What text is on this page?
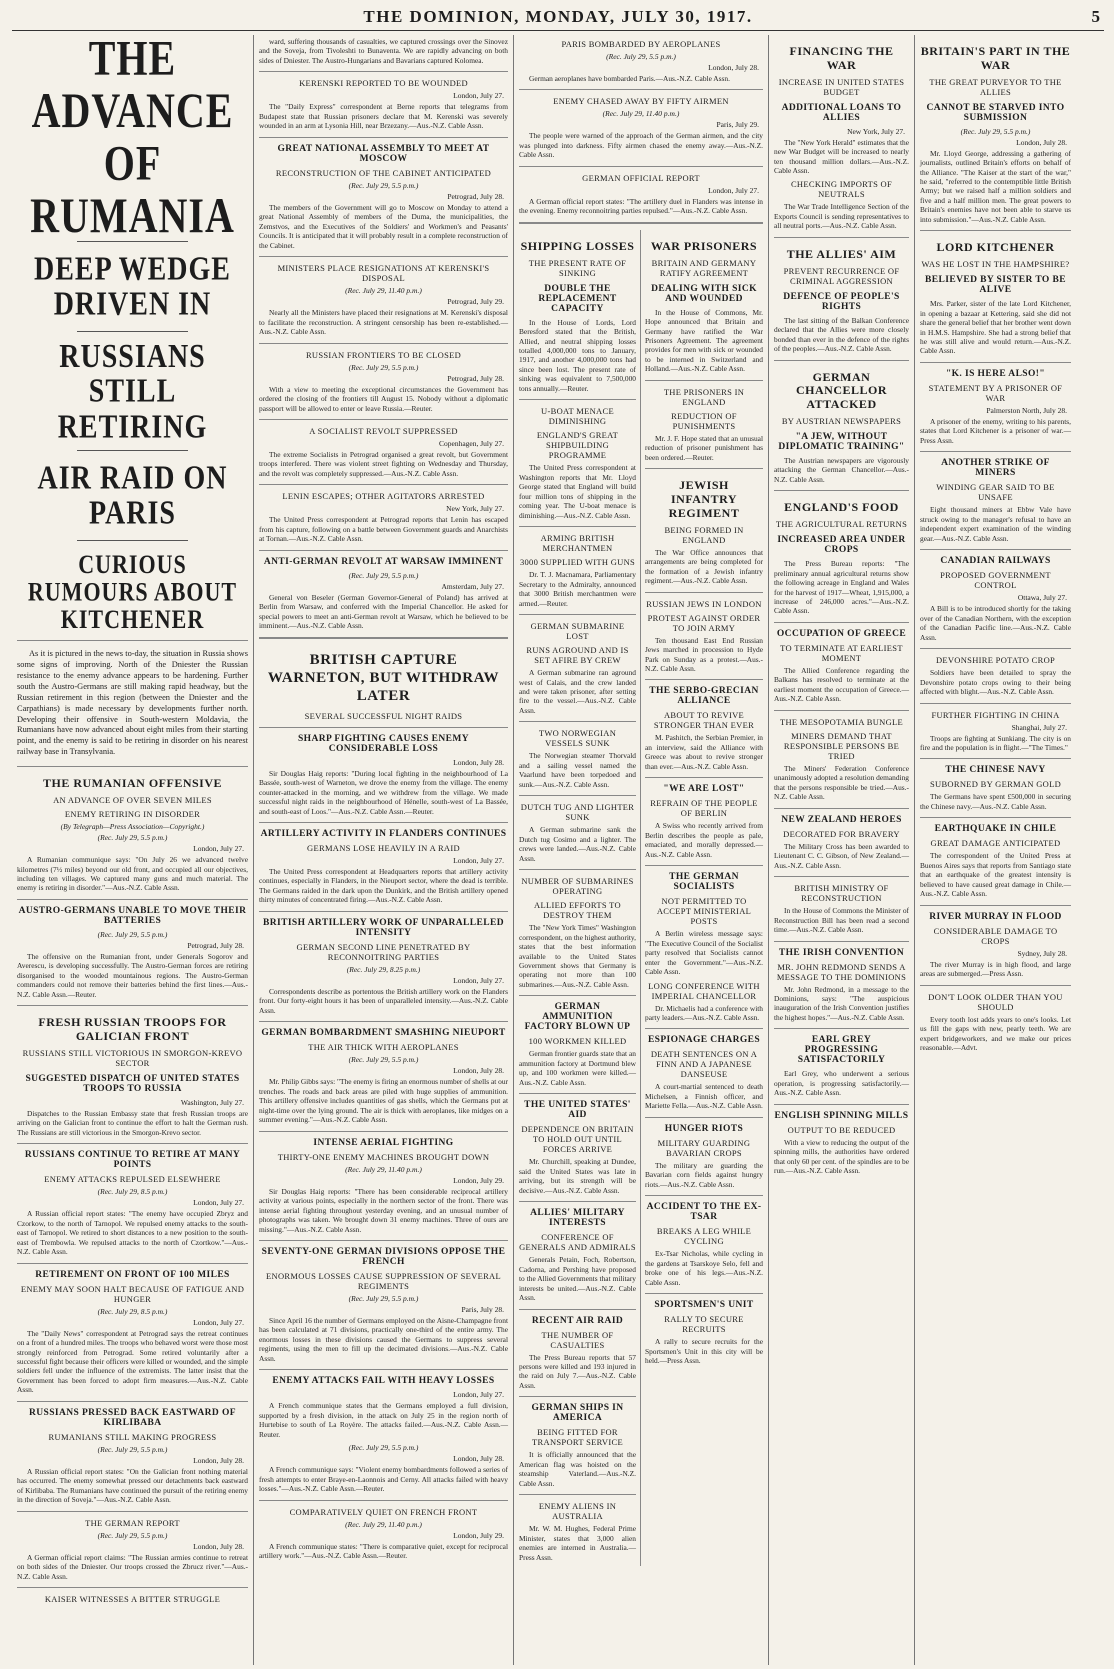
THE DOMINION, MONDAY, JULY 30, 1917.	5
THE ADVANCE OF RUMANIA
DEEP WEDGE DRIVEN IN
RUSSIANS STILL RETIRING
AIR RAID ON PARIS
CURIOUS RUMOURS ABOUT KITCHENER

As it is pictured in the news to-day, the situation in Russia shows some signs of improving. North of the Dniester the Russian resistance to the enemy advance appears to be hardening. Further south the Austro-Germans are still making rapid headway, but the Russian retirement in this region (between the Dniester and the Carpathians) is made necessary by developments further north. Developing their offensive in South-western Moldavia, the Rumanians have now advanced about eight miles from their starting point, and the enemy is said to be retiring in disorder on his nearest railway base in Transylvania.

THE RUMANIAN OFFENSIVE
AN ADVANCE OF OVER SEVEN MILES
ENEMY RETIRING IN DISORDER
(By Telegraph—Press Association—Copyright.)
(Rec. July 29, 5.5 p.m.)
London, July 27.

A Rumanian communique says: "On July 26 we advanced twelve kilometres (7½ miles) beyond our old front, and occupied all our objectives, including ten villages. We captured many guns and much material. The enemy is retiring in disorder."—Aus.-N.Z. Cable Assn.

AUSTRO-GERMANS UNABLE TO MOVE THEIR BATTERIES
(Rec. July 29, 5.5 p.m.)
Petrograd, July 28.

The offensive on the Rumanian front, under Generals Sogorov and Averescu, is developing successfully. The Austro-German forces are retiring disorganised to the wooded mountainous regions. The Austro-German commanders could not remove their batteries behind the first lines.—Aus.-N.Z. Cable Assn.—Reuter.

FRESH RUSSIAN TROOPS FOR GALICIAN FRONT
RUSSIANS STILL VICTORIOUS IN SMORGON-KREVO SECTOR
SUGGESTED DISPATCH OF UNITED STATES TROOPS TO RUSSIA
Washington, July 27.

Dispatches to the Russian Embassy state that fresh Russian troops are arriving on the Galician front to continue the effort to halt the German rush. The Russians are still victorious in the Smorgon-Krevo sector.

RUSSIANS CONTINUE TO RETIRE AT MANY POINTS
ENEMY ATTACKS REPULSED ELSEWHERE
(Rec. July 29, 8.5 p.m.)
London, July 27.

A Russian official report states: "The enemy have occupied Zbryz and Czorkow, to the north of Tarnopol. We repulsed enemy attacks to the south-east of Tarnopol. We retired to short distances to a new position to the south-east of Trembowla. We repulsed attacks to the north of Czortkow."—Aus.-N.Z. Cable Assn.

RETIREMENT ON FRONT OF 100 MILES
ENEMY MAY SOON HALT BECAUSE OF FATIGUE AND HUNGER
(Rec. July 29, 8.5 p.m.)
London, July 27.

The "Daily News" correspondent at Petrograd says the retreat continues on a front of a hundred miles. The troops who behaved worst were those most strongly reinforced from Petrograd. Some retired voluntarily after a successful fight because their officers were killed or wounded, and the simple soldiers fell under the influence of the extremists. The latter insist that the Government has been forced to adopt firm measures.—Aus.-N.Z. Cable Assn.

RUSSIANS PRESSED BACK EASTWARD OF KIRLIBABA
RUMANIANS STILL MAKING PROGRESS
(Rec. July 29, 5.5 p.m.)
London, July 28.

A Russian official report states: "On the Galician front nothing material has occurred. The enemy somewhat pressed our detachments back eastward of Kirlibaba. The Rumanians have continued the pursuit of the retiring enemy in the direction of Soveja."—Aus.-N.Z. Cable Assn.

THE GERMAN REPORT
(Rec. July 29, 5.5 p.m.)
London, July 28.

A German official report claims: "The Russian armies continue to retreat on both sides of the Dniester. Our troops crossed the Zbrucz river."—Aus.-N.Z. Cable Assn.

KAISER WITNESSES A BITTER STRUGGLE

ward, suffering thousands of casualties, we captured crossings over the Sinovez and the Soveja, from Tivoleshti to Bunaventa. We are rapidly advancing on both sides of Dniester. The Austro-Hungarians and Bavarians captured Kolomea.

KERENSKI REPORTED TO BE WOUNDED
London, July 27.

The "Daily Express" correspondent at Berne reports that telegrams from Budapest state that Russian prisoners declare that M. Kerenski was severely wounded in an arm at Lysonia Hill, near Brzezany.—Aus.-N.Z. Cable Assn.

GREAT NATIONAL ASSEMBLY TO MEET AT MOSCOW
RECONSTRUCTION OF THE CABINET ANTICIPATED
(Rec. July 29, 5.5 p.m.)
Petrograd, July 28.

The members of the Government will go to Moscow on Monday to attend a great National Assembly of members of the Duma, the municipalities, the Zemstvos, and the Executives of the Soldiers' and Workmen's and Peasants' Councils. It is anticipated that it will probably result in a complete reconstruction of the Cabinet.

MINISTERS PLACE RESIGNATIONS AT KERENSKI'S DISPOSAL
(Rec. July 29, 11.40 p.m.)
Petrograd, July 29.

Nearly all the Ministers have placed their resignations at M. Kerenski's disposal to facilitate the reconstruction. A stringent censorship has been re-established.—Aus.-N.Z. Cable Assn.

RUSSIAN FRONTIERS TO BE CLOSED
(Rec. July 29, 5.5 p.m.)
Petrograd, July 28.

With a view to meeting the exceptional circumstances the Government has ordered the closing of the frontiers till August 15. Nobody without a diplomatic passport will be allowed to enter or leave Russia.—Reuter.

A SOCIALIST REVOLT SUPPRESSED
Copenhagen, July 27.

The extreme Socialists in Petrograd organised a great revolt, but Government troops interfered. There was violent street fighting on Wednesday and Thursday, and the revolt was completely suppressed.—Aus.-N.Z. Cable Assn.

LENIN ESCAPES; OTHER AGITATORS ARRESTED
New York, July 27.

The United Press correspondent at Petrograd reports that Lenin has escaped from his capture, following on a battle between Government guards and Anarchists at Tornan.—Aus.-N.Z. Cable Assn.

ANTI-GERMAN REVOLT AT WARSAW IMMINENT
(Rec. July 29, 5.5 p.m.)
Amsterdam, July 27.

General von Beseler (German Governor-General of Poland) has arrived at Berlin from Warsaw, and conferred with the Imperial Chancellor. He asked for special powers to meet an anti-German revolt at Warsaw, which he believed to be imminent.—Aus.-N.Z. Cable Assn.

BRITISH CAPTURE WARNETON, BUT WITHDRAW LATER
SEVERAL SUCCESSFUL NIGHT RAIDS
SHARP FIGHTING CAUSES ENEMY CONSIDERABLE LOSS
London, July 28.

Sir Douglas Haig reports: "During local fighting in the neighbourhood of La Bassée, south-west of Warneton, we drove the enemy from the village. The enemy counter-attacked in the morning, and we withdrew from the village. We made successful night raids in the neighbourhood of Hénelle, south-west of La Bassée, and south-east of Loos."—Aus.-N.Z. Cable Assn.—Reuter.

ARTILLERY ACTIVITY IN FLANDERS CONTINUES
GERMANS LOSE HEAVILY IN A RAID
London, July 27.

The United Press correspondent at Headquarters reports that artillery activity continues, especially in Flanders, in the Nieuport sector, where the dead is terrible. The Germans raided in the dark upon the Dunkirk, and the British artillery opened thirty minutes of concentrated firing.—Aus.-N.Z. Cable Assn.

BRITISH ARTILLERY WORK OF UNPARALLELED INTENSITY
GERMAN SECOND LINE PENETRATED BY RECONNOITRING PARTIES
(Rec. July 29, 8.25 p.m.)
London, July 27.

Correspondents describe as portentous the British artillery work on the Flanders front. Our forty-eight hours it has been of unparalleled intensity.—Aus.-N.Z. Cable Assn.

GERMAN BOMBARDMENT SMASHING NIEUPORT
THE AIR THICK WITH AEROPLANES
(Rec. July 29, 5.5 p.m.)
London, July 28.

Mr. Philip Gibbs says: "The enemy is firing an enormous number of shells at our trenches. The roads and back areas are piled with huge supplies of ammunition. This artillery offensive includes quantities of gas shells, which the Germans put at night-time over the lying ground. The air is thick with aeroplanes, like midges on a summer evening."—Aus.-N.Z. Cable Assn.

INTENSE AERIAL FIGHTING
THIRTY-ONE ENEMY MACHINES BROUGHT DOWN
(Rec. July 29, 11.40 p.m.)
London, July 29.

Sir Douglas Haig reports: "There has been considerable reciprocal artillery activity at various points, especially in the northern sector of the front. There was intense aerial fighting throughout yesterday evening, and an unusual number of photographs was taken. We brought down 31 enemy machines. Three of ours are missing."—Aus.-N.Z. Cable Assn.

SEVENTY-ONE GERMAN DIVISIONS OPPOSE THE FRENCH
ENORMOUS LOSSES CAUSE SUPPRESSION OF SEVERAL REGIMENTS
(Rec. July 29, 5.5 p.m.)
Paris, July 28.

Since April 16 the number of Germans employed on the Aisne-Champagne front has been calculated at 71 divisions, practically one-third of the entire army. The enormous losses in these divisions caused the Germans to suppress several regiments, using the men to fill up the decimated divisions.—Aus.-N.Z. Cable Assn.

ENEMY ATTACKS FAIL WITH HEAVY LOSSES
London, July 27.

A French communique states that the Germans employed a full division, supported by a fresh division, in the attack on July 25 in the region north of Hurtebise to south of La Royère. The attacks failed.—Aus.-N.Z. Cable Assn.—Reuter.

(Rec. July 29, 5.5 p.m.)
London, July 28.

A French communique says: "Violent enemy bombardments followed a series of fresh attempts to enter Braye-en-Laonnois and Cerny. All attacks failed with heavy losses."—Aus.-N.Z. Cable Assn.—Reuter.

COMPARATIVELY QUIET ON FRENCH FRONT
(Rec. July 29, 11.40 p.m.)
London, July 29.

A French communique states: "There is comparative quiet, except for reciprocal artillery work."—Aus.-N.Z. Cable Assn.—Reuter.

PARIS BOMBARDED BY AEROPLANES
(Rec. July 29, 5.5 p.m.)
London, July 28.

German aeroplanes have bombarded Paris.—Aus.-N.Z. Cable Assn.

ENEMY CHASED AWAY BY FIFTY AIRMEN
(Rec. July 29, 11.40 p.m.)
Paris, July 29.

The people were warned of the approach of the German airmen, and the city was plunged into darkness. Fifty airmen chased the enemy away.—Aus.-N.Z. Cable Assn.

GERMAN OFFICIAL REPORT
London, July 27.

A German official report states: "The artillery duel in Flanders was intense in the evening. Enemy reconnoitring parties repulsed."—Aus.-N.Z. Cable Assn.

SHIPPING LOSSES
THE PRESENT RATE OF SINKING
DOUBLE THE REPLACEMENT CAPACITY

In the House of Lords, Lord Beresford stated that the British, Allied, and neutral shipping losses totalled 4,000,000 tons to January, 1917, and another 4,000,000 tons had since been lost. The present rate of sinking was equivalent to 7,500,000 tons annually.—Reuter.

U-BOAT MENACE DIMINISHING
ENGLAND'S GREAT SHIPBUILDING PROGRAMME

The United Press correspondent at Washington reports that Mr. Lloyd George stated that England will build four million tons of shipping in the coming year. The U-boat menace is diminishing.—Aus.-N.Z. Cable Assn.

ARMING BRITISH MERCHANTMEN
3000 SUPPLIED WITH GUNS

Dr. T. J. Macnamara, Parliamentary Secretary to the Admiralty, announced that 3000 British merchantmen were armed.—Reuter.

GERMAN SUBMARINE LOST
RUNS AGROUND AND IS SET AFIRE BY CREW

A German submarine ran aground west of Calais, and the crew landed and were taken prisoner, after setting fire to the vessel.—Aus.-N.Z. Cable Assn.

TWO NORWEGIAN VESSELS SUNK

The Norwegian steamer Thorvald and a sailing vessel named the Vaarlund have been torpedoed and sunk.—Aus.-N.Z. Cable Assn.

DUTCH TUG AND LIGHTER SUNK

A German submarine sank the Dutch tug Cosimo and a lighter. The crews were landed.—Aus.-N.Z. Cable Assn.

NUMBER OF SUBMARINES OPERATING
ALLIED EFFORTS TO DESTROY THEM

The "New York Times" Washington correspondent, on the highest authority, states that the best information available to the United States Government shows that Germany is operating not more than 100 submarines.—Aus.-N.Z. Cable Assn.

GERMAN AMMUNITION FACTORY BLOWN UP
100 WORKMEN KILLED

German frontier guards state that an ammunition factory at Dortmund blew up, and 100 workmen were killed.—Aus.-N.Z. Cable Assn.

THE UNITED STATES' AID
DEPENDENCE ON BRITAIN TO HOLD OUT UNTIL FORCES ARRIVE

Mr. Churchill, speaking at Dundee, said the United States was late in arriving, but its strength will be decisive.—Aus.-N.Z. Cable Assn.

ALLIES' MILITARY INTERESTS
CONFERENCE OF GENERALS AND ADMIRALS

Generals Petain, Foch, Robertson, Cadorna, and Pershing have proposed to the Allied Governments that military interests be united.—Aus.-N.Z. Cable Assn.

RECENT AIR RAID
THE NUMBER OF CASUALTIES

The Press Bureau reports that 57 persons were killed and 193 injured in the raid on July 7.—Aus.-N.Z. Cable Assn.

GERMAN SHIPS IN AMERICA
BEING FITTED FOR TRANSPORT SERVICE

It is officially announced that the American flag was hoisted on the steamship Vaterland.—Aus.-N.Z. Cable Assn.

ENEMY ALIENS IN AUSTRALIA

Mr. W. M. Hughes, Federal Prime Minister, states that 3,000 alien enemies are interned in Australia.—Press Assn.

WAR PRISONERS
BRITAIN AND GERMANY RATIFY AGREEMENT
DEALING WITH SICK AND WOUNDED

In the House of Commons, Mr. Hope announced that Britain and Germany have ratified the War Prisoners Agreement. The agreement provides for men with sick or wounded to be interned in Switzerland and Holland.—Aus.-N.Z. Cable Assn.

THE PRISONERS IN ENGLAND
REDUCTION OF PUNISHMENTS

Mr. J. F. Hope stated that an unusual reduction of prisoner punishment has been ordered.—Reuter.

JEWISH INFANTRY REGIMENT
BEING FORMED IN ENGLAND

The War Office announces that arrangements are being completed for the formation of a Jewish infantry regiment.—Aus.-N.Z. Cable Assn.

RUSSIAN JEWS IN LONDON
PROTEST AGAINST ORDER TO JOIN ARMY

Ten thousand East End Russian Jews marched in procession to Hyde Park on Sunday as a protest.—Aus.-N.Z. Cable Assn.

THE SERBO-GRECIAN ALLIANCE
ABOUT TO REVIVE STRONGER THAN EVER

M. Pashitch, the Serbian Premier, in an interview, said the Alliance with Greece was about to revive stronger than ever.—Aus.-N.Z. Cable Assn.

"WE ARE LOST"
REFRAIN OF THE PEOPLE OF BERLIN

A Swiss who recently arrived from Berlin describes the people as pale, emaciated, and morally depressed.—Aus.-N.Z. Cable Assn.

THE GERMAN SOCIALISTS
NOT PERMITTED TO ACCEPT MINISTERIAL POSTS

A Berlin wireless message says: "The Executive Council of the Socialist party resolved that Socialists cannot enter the Government."—Aus.-N.Z. Cable Assn.

LONG CONFERENCE WITH IMPERIAL CHANCELLOR

Dr. Michaelis had a conference with party leaders.—Aus.-N.Z. Cable Assn.

ESPIONAGE CHARGES
DEATH SENTENCES ON A FINN AND A JAPANESE DANSEUSE

A court-martial sentenced to death Michelsen, a Finnish officer, and Mariette Fella.—Aus.-N.Z. Cable Assn.

HUNGER RIOTS
MILITARY GUARDING BAVARIAN CROPS

The military are guarding the Bavarian corn fields against hungry riots.—Aus.-N.Z. Cable Assn.

ACCIDENT TO THE EX-TSAR
BREAKS A LEG WHILE CYCLING

Ex-Tsar Nicholas, while cycling in the gardens at Tsarskoye Selo, fell and broke one of his legs.—Aus.-N.Z. Cable Assn.

SPORTSMEN'S UNIT
RALLY TO SECURE RECRUITS

A rally to secure recruits for the Sportsmen's Unit in this city will be held.—Press Assn.

FINANCING THE WAR
INCREASE IN UNITED STATES BUDGET
ADDITIONAL LOANS TO ALLIES
New York, July 27.

The "New York Herald" estimates that the new War Budget will be increased to nearly ten thousand million dollars.—Aus.-N.Z. Cable Assn.

CHECKING IMPORTS OF NEUTRALS

The War Trade Intelligence Section of the Exports Council is sending representatives to all neutral ports.—Aus.-N.Z. Cable Assn.

THE ALLIES' AIM
PREVENT RECURRENCE OF CRIMINAL AGGRESSION
DEFENCE OF PEOPLE'S RIGHTS

The last sitting of the Balkan Conference declared that the Allies were more closely bonded than ever in the defence of the rights of the peoples.—Aus.-N.Z. Cable Assn.

GERMAN CHANCELLOR ATTACKED
BY AUSTRIAN NEWSPAPERS
"A JEW, WITHOUT DIPLOMATIC TRAINING"

The Austrian newspapers are vigorously attacking the German Chancellor.—Aus.-N.Z. Cable Assn.

ENGLAND'S FOOD
THE AGRICULTURAL RETURNS
INCREASED AREA UNDER CROPS

The Press Bureau reports: "The preliminary annual agricultural returns show the following acreage in England and Wales for the harvest of 1917—Wheat, 1,915,000, a increase of 246,000 acres."—Aus.-N.Z. Cable Assn.

OCCUPATION OF GREECE
TO TERMINATE AT EARLIEST MOMENT

The Allied Conference regarding the Balkans has resolved to terminate at the earliest moment the occupation of Greece.—Aus.-N.Z. Cable Assn.

THE MESOPOTAMIA BUNGLE
MINERS DEMAND THAT RESPONSIBLE PERSONS BE TRIED

The Miners' Federation Conference unanimously adopted a resolution demanding that the persons responsible be tried.—Aus.-N.Z. Cable Assn.

NEW ZEALAND HEROES
DECORATED FOR BRAVERY

The Military Cross has been awarded to Lieutenant C. C. Gibson, of New Zealand.—Aus.-N.Z. Cable Assn.

BRITISH MINISTRY OF RECONSTRUCTION

In the House of Commons the Minister of Reconstruction Bill has been read a second time.—Aus.-N.Z. Cable Assn.

THE IRISH CONVENTION
MR. JOHN REDMOND SENDS A MESSAGE TO THE DOMINIONS

Mr. John Redmond, in a message to the Dominions, says: "The auspicious inauguration of the Irish Convention justifies the highest hopes."—Aus.-N.Z. Cable Assn.

EARL GREY PROGRESSING SATISFACTORILY

Earl Grey, who underwent a serious operation, is progressing satisfactorily.—Aus.-N.Z. Cable Assn.

ENGLISH SPINNING MILLS
OUTPUT TO BE REDUCED

With a view to reducing the output of the spinning mills, the authorities have ordered that only 60 per cent. of the spindles are to be run.—Aus.-N.Z. Cable Assn.

BRITAIN'S PART IN THE WAR
THE GREAT PURVEYOR TO THE ALLIES
CANNOT BE STARVED INTO SUBMISSION
(Rec. July 29, 5.5 p.m.)
London, July 28.

Mr. Lloyd George, addressing a gathering of journalists, outlined Britain's efforts on behalf of the Alliance. "The Kaiser at the start of the war," he said, "referred to the contemptible little British Army; but we raised half a million soldiers and five and a half million men. The great powers to Britain's enemies have not been able to starve us into submission."—Aus.-N.Z. Cable Assn.

LORD KITCHENER
WAS HE LOST IN THE HAMPSHIRE?
BELIEVED BY SISTER TO BE ALIVE

Mrs. Parker, sister of the late Lord Kitchener, in opening a bazaar at Kettering, said she did not share the general belief that her brother went down in H.M.S. Hampshire. She had a strong belief that he was still alive and would return.—Aus.-N.Z. Cable Assn.

"K. IS HERE ALSO!"
STATEMENT BY A PRISONER OF WAR
Palmerston North, July 28.

A prisoner of the enemy, writing to his parents, states that Lord Kitchener is a prisoner of war.—Press Assn.

ANOTHER STRIKE OF MINERS
WINDING GEAR SAID TO BE UNSAFE

Eight thousand miners at Ebbw Vale have struck owing to the manager's refusal to have an independent expert examination of the winding gear.—Aus.-N.Z. Cable Assn.

CANADIAN RAILWAYS
PROPOSED GOVERNMENT CONTROL
Ottawa, July 27.

A Bill is to be introduced shortly for the taking over of the Canadian Northern, with the exception of the Canadian Pacific line.—Aus.-N.Z. Cable Assn.

DEVONSHIRE POTATO CROP

Soldiers have been detailed to spray the Devonshire potato crops owing to their being affected with blight.—Aus.-N.Z. Cable Assn.

FURTHER FIGHTING IN CHINA
Shanghai, July 27.

Troops are fighting at Sunkiang. The city is on fire and the population is in flight.—"The Times."

THE CHINESE NAVY
SUBORNED BY GERMAN GOLD

The Germans have spent £500,000 in securing the Chinese navy.—Aus.-N.Z. Cable Assn.

EARTHQUAKE IN CHILE
GREAT DAMAGE ANTICIPATED

The correspondent of the United Press at Buenos Aires says that reports from Santiago state that an earthquake of the greatest intensity is believed to have caused great damage in Chile.—Aus.-N.Z. Cable Assn.

RIVER MURRAY IN FLOOD
CONSIDERABLE DAMAGE TO CROPS
Sydney, July 28.

The river Murray is in high flood, and large areas are submerged.—Press Assn.

DON'T LOOK OLDER THAN YOU SHOULD

Every tooth lost adds years to one's looks. Let us fill the gaps with new, pearly teeth. We are expert bridgeworkers, and we make our prices reasonable.—Advt.
